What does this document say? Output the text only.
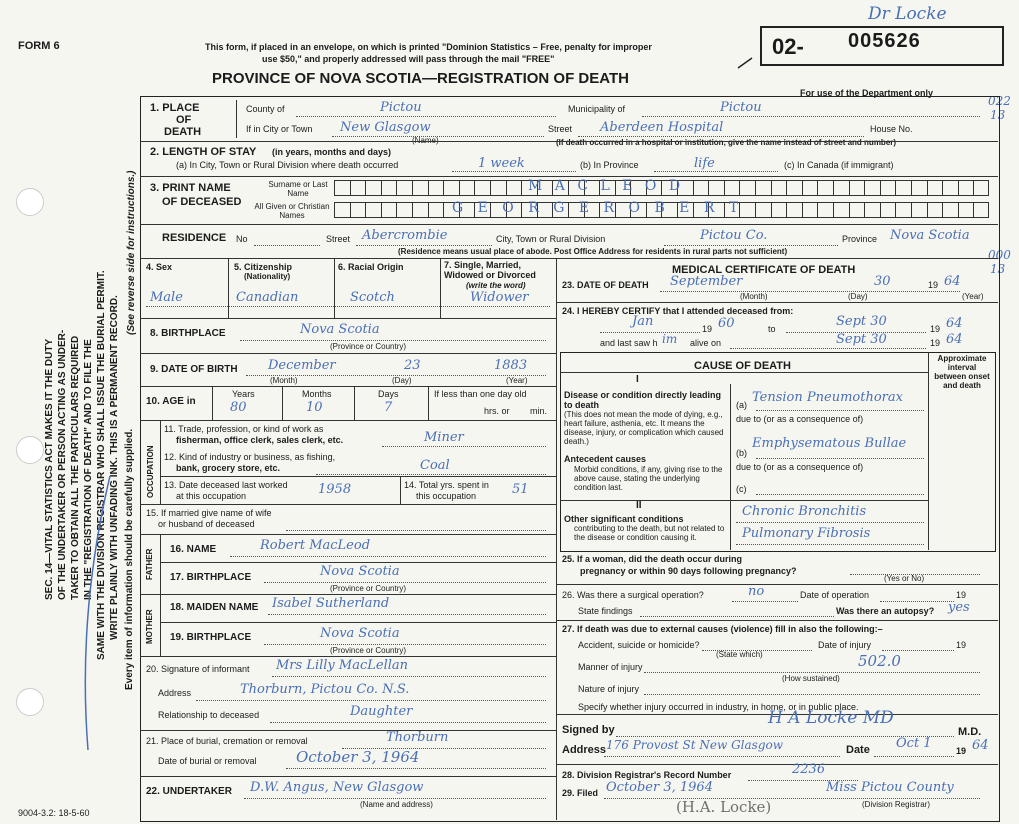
FORM 6	This form, if placed in an envelope, on which is printed "Dominion Statistics – Free, penalty for improper
use $50," and properly addressed will pass through the mail "FREE"
PROVINCE OF NOVA SCOTIA—REGISTRATION OF DEATH
02- 005626
Dr Locke
For use of the Department only
022
13
000
13
SEC. 14—VITAL STATISTICS ACT MAKES IT THE DUTY OF THE UNDERTAKER OR PERSON ACTING AS UNDER- TAKER TO OBTAIN ALL THE PARTICULARS REQUIRED IN THE "REGISTRATION OF DEATH" AND TO FILE THE SAME WITH THE DIVISION REGISTRAR WHO SHALL ISSUE THE BURIAL PERMIT. WRITE PLAINLY WITH UNFADING INK. THIS IS A PERMANENT RECORD. Every item of information should be carefully supplied.
(See reverse side for instructions.)
1. PLACE
OF
DEATH
County of	Pictou	Municipality of	Pictou
If in City or Town New Glasgow
(Name)
Street Aberdeen Hospital	House No.
(If death occurred in a hospital or institution, give the name instead of street and number)
2. LENGTH OF STAY (in years, months and days)
(a) In City, Town or Rural Division where death occurred	1 week	(b) In Province	life	(c) In Canada (if immigrant)
3. PRINT NAME
OF DECEASED
Surname or Last Name
All Given or Christian Names
M A C L E O D
G E O R G E R O B E R T
RESIDENCE No	Street Abercrombie	City, Town or Rural Division	Pictou Co.	Province Nova Scotia
(Residence means usual place of abode. Post Office Address for residents in rural parts not sufficient)
4. Sex	5. Citizenship
(Nationality)
6. Racial Origin	7. Single, Married, Widowed or Divorced
(write the word)
Male	Canadian	Scotch	Widower
8. BIRTHPLACE	Nova Scotia
(Province or Country)
9. DATE OF BIRTH December	23	1883
(Month)	(Day)	(Year)
10. AGE in
Years	Months	Days	If less than one day old
80	10	7	hrs. or min.
OCCUPATION
11. Trade, profession, or kind of work as
fisherman, office clerk, sales clerk, etc.	Miner
12. Kind of industry or business, as fishing,
bank, grocery store, etc.	Coal
13. Date deceased last worked
at this occupation	1958	14. Total yrs. spent in
this occupation	51
15. If married give name of wife
or husband of deceased
FATHER 16. NAME	Robert MacLeod
17. BIRTHPLACE	Nova Scotia
(Province or Country)
MOTHER
18. MAIDEN NAME Isabel Sutherland
19. BIRTHPLACE	Nova Scotia
(Province or Country)
20. Signature of informant Mrs Lilly MacLellan
Address	Thorburn, Pictou Co. N.S.
Relationship to deceased	Daughter
21. Place of burial, cremation or removal	Thorburn
Date of burial or removal	October 3, 1964
22. UNDERTAKER D.W. Angus, New Glasgow
(Name and address)
MEDICAL CERTIFICATE OF DEATH
23. DATE OF DEATH September	30	19 64
(Month)	(Day)	(Year)
24. I HEREBY CERTIFY that I attended deceased from:
Jan	19 60	to	Sept 30	19 64
and last saw h im alive on	Sept 30	19 64
CAUSE OF DEATH
Approximate interval between onset and death
I
Disease or condition directly leading to death
(This does not mean the mode of dying, e.g., heart failure, asthenia, etc. It means the disease, injury, or complication which caused death.)
(a) Tension Pneumothorax
due to (or as a consequence of)
Antecedent causes
Morbid conditions, if any, giving rise to the above cause, stating the underlying condition last.
(b)
Emphysematous Bullae
due to (or as a consequence of)
(c)
II
Other significant conditions
contributing to the death, but not related to the disease or condition causing it.
Chronic Bronchitis
Pulmonary Fibrosis
25. If a woman, did the death occur during
pregnancy or within 90 days following pregnancy?
(Yes or No)
26. Was there a surgical operation?	no	Date of operation	19
State findings	Was there an autopsy? yes
27. If death was due to external causes (violence) fill in also the following:–
Accident, suicide or homicide?
(State which)
Date of injury	19
Manner of injury	502.0
(How sustained)
Nature of injury
Specify whether injury occurred in industry, in home, or in public place.
Signed by
H A Locke MD
M.D.
Address 176 Provost St New Glasgow	Date Oct 1	19 64
28. Division Registrar's Record Number	2236
29. Filed October 3, 1964	Miss Pictou County
(Division Registrar)
(H.A. Locke)
9004-3.2: 18-5-60
